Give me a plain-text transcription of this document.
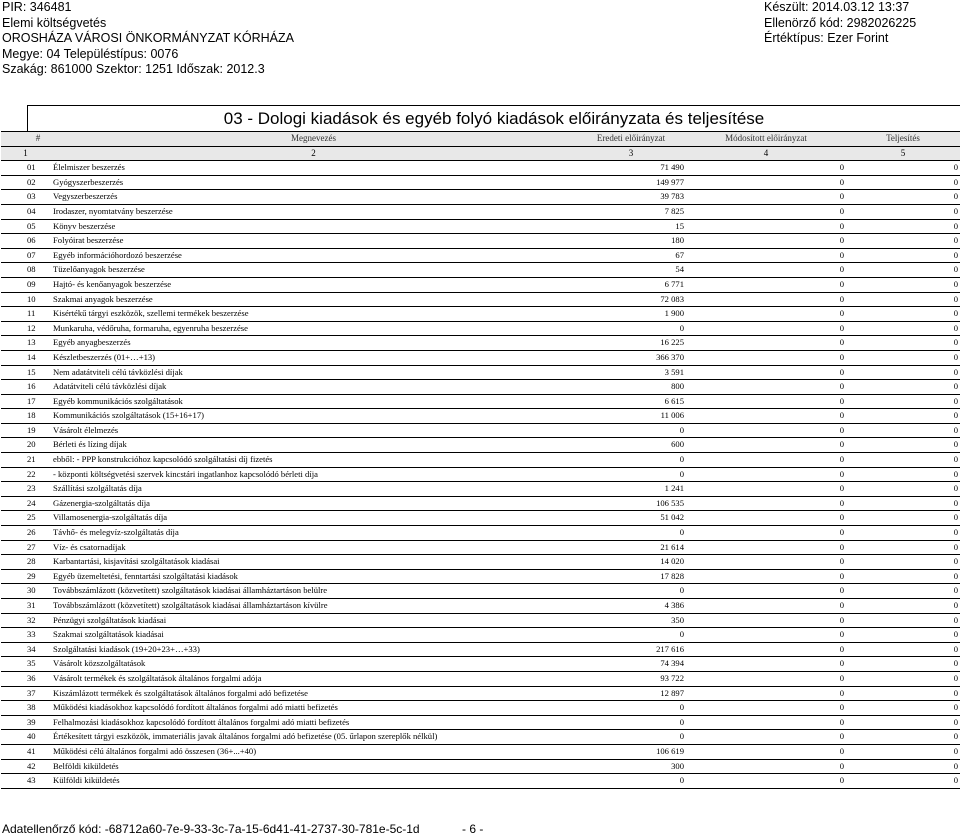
PIR: 346481
Elemi költségvetés
OROSHÁZA VÁROSI ÖNKORMÁNYZAT KÓRHÁZA
Megye: 04 Településtípus: 0076
Szakág: 861000 Szektor: 1251 Időszak: 2012.3
Készült: 2014.03.12 13:37
Ellenörző kód: 2982026225
Értéktípus: Ezer Forint
03 - Dologi kiadások és egyéb folyó kiadások előirányzata és teljesítése
#	Megnevezés	Eredeti előirányzat	Módosított előirányzat	Teljesítés
1	2	3	4	5
01	Élelmiszer beszerzés	71 490	0	0
02	Gyógyszerbeszerzés	149 977	0	0
03	Vegyszerbeszerzés	39 783	0	0
04	Irodaszer, nyomtatvány beszerzése	7 825	0	0
05	Könyv beszerzése	15	0	0
06	Folyóirat beszerzése	180	0	0
07	Egyéb információhordozó beszerzése	67	0	0
08	Tüzelőanyagok beszerzése	54	0	0
09	Hajtó- és kenőanyagok beszerzése	6 771	0	0
10	Szakmai anyagok beszerzése	72 083	0	0
11	Kisértékű tárgyi eszközök, szellemi termékek beszerzése	1 900	0	0
12	Munkaruha, védőruha, formaruha, egyenruha beszerzése	0	0	0
13	Egyéb anyagbeszerzés	16 225	0	0
14	Készletbeszerzés (01+…+13)	366 370	0	0
15	Nem adatátviteli célú távközlési díjak	3 591	0	0
16	Adatátviteli célú távközlési díjak	800	0	0
17	Egyéb kommunikációs szolgáltatások	6 615	0	0
18	Kommunikációs szolgáltatások (15+16+17)	11 006	0	0
19	Vásárolt élelmezés	0	0	0
20	Bérleti és lízing díjak	600	0	0
21	ebből: - PPP konstrukcióhoz kapcsolódó szolgáltatási díj fizetés	0	0	0
22	- központi költségvetési szervek kincstári ingatlanhoz kapcsolódó bérleti díja	0	0	0
23	Szállítási szolgáltatás díja	1 241	0	0
24	Gázenergia-szolgáltatás díja	106 535	0	0
25	Villamosenergia-szolgáltatás díja	51 042	0	0
26	Távhő- és melegvíz-szolgáltatás díja	0	0	0
27	Víz- és csatornadíjak	21 614	0	0
28	Karbantartási, kisjavítási szolgáltatások kiadásai	14 020	0	0
29	Egyéb üzemeltetési, fenntartási szolgáltatási kiadások	17 828	0	0
30	Továbbszámlázott (közvetített) szolgáltatások kiadásai államháztartáson belülre	0	0	0
31	Továbbszámlázott (közvetített) szolgáltatások kiadásai államháztartáson kívülre	4 386	0	0
32	Pénzügyi szolgáltatások kiadásai	350	0	0
33	Szakmai szolgáltatások kiadásai	0	0	0
34	Szolgáltatási kiadások (19+20+23+…+33)	217 616	0	0
35	Vásárolt közszolgáltatások	74 394	0	0
36	Vásárolt termékek és szolgáltatások általános forgalmi adója	93 722	0	0
37	Kiszámlázott termékek és szolgáltatások általános forgalmi adó befizetése	12 897	0	0
38	Működési kiadásokhoz kapcsolódó fordított általános forgalmi adó miatti befizetés	0	0	0
39	Felhalmozási kiadásokhoz kapcsolódó fordított általános forgalmi adó miatti befizetés	0	0	0
40	Értékesített tárgyi eszközök, immateriális javak általános forgalmi adó befizetése (05. űrlapon szereplők nélkül)	0	0	0
41	Működési célú általános forgalmi adó összesen (36+...+40)	106 619	0	0
42	Belföldi kiküldetés	300	0	0
43	Külföldi kiküldetés	0	0	0
Adatellenőrző kód: -68712a60-7e-9-33-3c-7a-15-6d41-41-2737-30-781e-5c-1d	- 6 -
